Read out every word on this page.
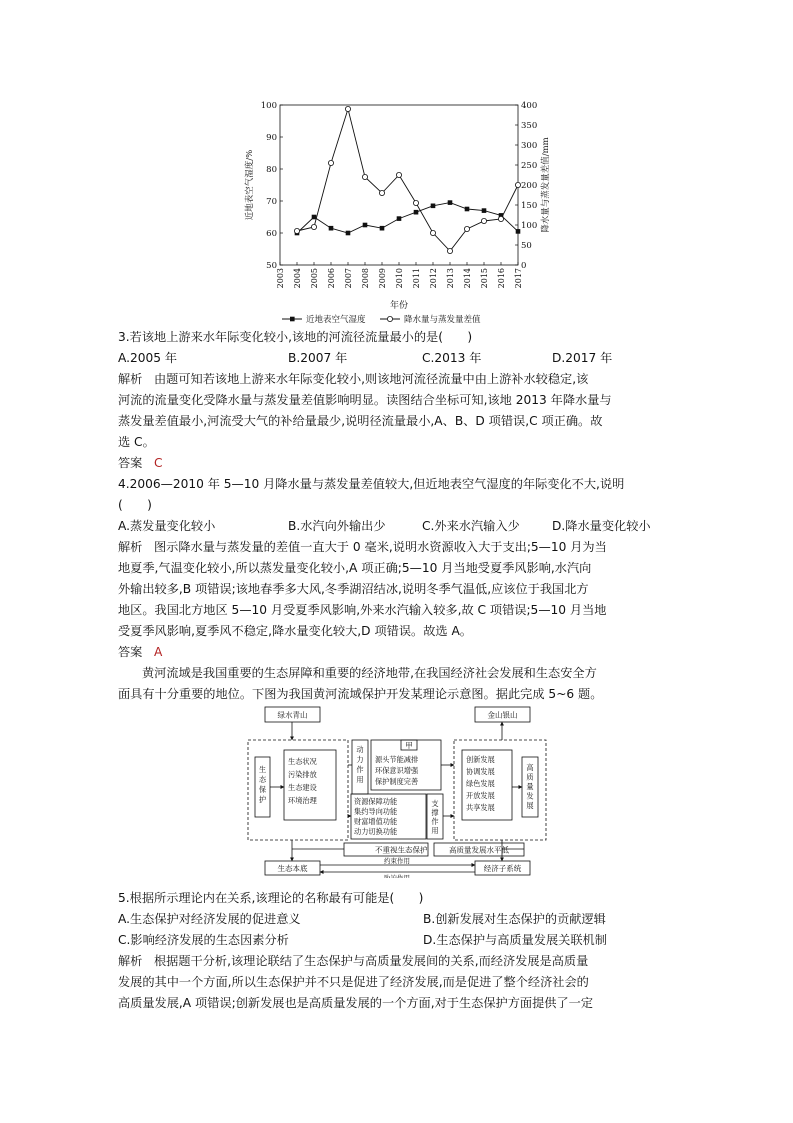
2003 2004 2005 2006 2007 2008 2009 2010 2011 2012 2013 2014 2015 2016 2017
50
60
70
80
90
100
0
50
100
150
200
250
300
350
400
近地表空气湿度/%	降水量与蒸发量差值/mm
年份
近地表空气湿度	降水量与蒸发量差值
3.若该地上游来水年际变化较小,该地的河流径流量最小的是(　　)
A.2005 年	B.2007 年	C.2013 年	D.2017 年
解析 由题可知若该地上游来水年际变化较小,则该地河流径流量中由上游补水较稳定,该
河流的流量变化受降水量与蒸发量差值影响明显。读图结合坐标可知,该地 2013 年降水量与
蒸发量差值最小,河流受大气的补给量最少,说明径流量最小,A、B、D 项错误,C 项正确。故
选 C。
答案 C
4.2006—2010 年 5—10 月降水量与蒸发量差值较大,但近地表空气湿度的年际变化不大,说明
(　　)
A.蒸发量变化较小	B.水汽向外输出少	C.外来水汽输入少	D.降水量变化较小
解析 图示降水量与蒸发量的差值一直大于 0 毫米,说明水资源收入大于支出;5—10 月为当
地夏季,气温变化较小,所以蒸发量变化较小,A 项正确;5—10 月当地受夏季风影响,水汽向
外输出较多,B 项错误;该地春季多大风,冬季湖沼结冰,说明冬季气温低,应该位于我国北方
地区。我国北方地区 5—10 月受夏季风影响,外来水汽输入较多,故 C 项错误;5—10 月当地
受夏季风影响,夏季风不稳定,降水量变化较大,D 项错误。故选 A。
答案 A
黄河流域是我国重要的生态屏障和重要的经济地带,在我国经济社会发展和生态安全方
面具有十分重要的地位。下图为我国黄河流域保护开发某理论示意图。据此完成 5~6 题。
绿水青山	金山银山
不重视生态保护	高质量发展水平低
生态本底	经济子系统
约束作用
胁迫作用
甲
生态状况
污染排放
生态建设
环境治理
源头节能减排
环保意识增强
保护制度完善
资源保障功能
集约导向功能
财富增值功能
动力切换功能
创新发展
协调发展
绿色发展
开放发展
共享发展
生态保护
动力作用
支撑作用
高质量发展
5.根据所示理论内在关系,该理论的名称最有可能是(　　)
A.生态保护对经济发展的促进意义	B.创新发展对生态保护的贡献逻辑
C.影响经济发展的生态因素分析	D.生态保护与高质量发展关联机制
解析 根据题干分析,该理论联结了生态保护与高质量发展间的关系,而经济发展是高质量
发展的其中一个方面,所以生态保护并不只是促进了经济发展,而是促进了整个经济社会的
高质量发展,A 项错误;创新发展也是高质量发展的一个方面,对于生态保护方面提供了一定
